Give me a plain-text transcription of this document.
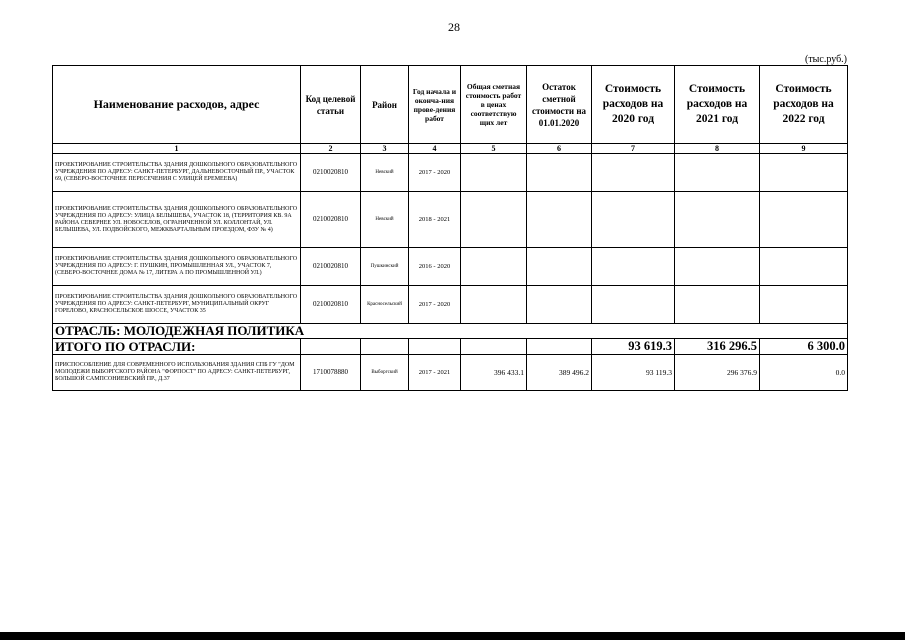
28
(тыс.руб.)
Наименование расходов, адрес	Код целевой статьи	Район	Год начала и оконча-ния прове-дения работ	Общая сметная стоимость работ в ценах соответствую щих лет	Остаток сметной стоимости на 01.01.2020	Стоимость расходов на 2020 год	Стоимость расходов на 2021 год	Стоимость расходов на 2022 год
1	2	3	4	5	6	7	8	9
ПРОЕКТИРОВАНИЕ СТРОИТЕЛЬСТВА ЗДАНИЯ ДОШКОЛЬНОГО ОБРАЗОВАТЕЛЬНОГО УЧРЕЖДЕНИЯ ПО АДРЕСУ: САНКТ-ПЕТЕРБУРГ, ДАЛЬНЕВОСТОЧНЫЙ ПР., УЧАСТОК 69, (СЕВЕРО-ВОСТОЧНЕЕ ПЕРЕСЕЧЕНИЯ С УЛИЦЕЙ ЕРЕМЕЕВА)	0210020810	Невский	2017 - 2020					
ПРОЕКТИРОВАНИЕ СТРОИТЕЛЬСТВА ЗДАНИЯ ДОШКОЛЬНОГО ОБРАЗОВАТЕЛЬНОГО УЧРЕЖДЕНИЯ ПО АДРЕСУ: УЛИЦА БЕЛЫШЕВА, УЧАСТОК 18, (ТЕРРИТОРИЯ КВ. 9А РАЙОНА СЕВЕРНЕЕ УЛ. НОВОСЕЛОВ, ОГРАНИЧЕННОЙ УЛ. КОЛЛОНТАЙ, УЛ. БЕЛЫШЕВА, УЛ. ПОДВОЙСКОГО, МЕЖКВАРТАЛЬНЫМ ПРОЕЗДОМ, ФЗУ № 4)	0210020810	Невский	2018 - 2021					
ПРОЕКТИРОВАНИЕ СТРОИТЕЛЬСТВА ЗДАНИЯ ДОШКОЛЬНОГО ОБРАЗОВАТЕЛЬНОГО УЧРЕЖДЕНИЯ ПО АДРЕСУ: Г. ПУШКИН, ПРОМЫШЛЕННАЯ УЛ., УЧАСТОК 7, (СЕВЕРО-ВОСТОЧНЕЕ ДОМА № 17, ЛИТЕРА А ПО ПРОМЫШЛЕННОЙ УЛ.)	0210020810	Пушкинский	2016 - 2020					
ПРОЕКТИРОВАНИЕ СТРОИТЕЛЬСТВА ЗДАНИЯ ДОШКОЛЬНОГО ОБРАЗОВАТЕЛЬНОГО УЧРЕЖДЕНИЯ ПО АДРЕСУ: САНКТ-ПЕТЕРБУРГ, МУНИЦИПАЛЬНЫЙ ОКРУГ ГОРЕЛОВО, КРАСНОСЕЛЬСКОЕ ШОССЕ, УЧАСТОК 35	0210020810	Красносельский	2017 - 2020					
ОТРАСЛЬ: МОЛОДЕЖНАЯ ПОЛИТИКА								
ИТОГО ПО ОТРАСЛИ:						93 619.3	316 296.5	6 300.0
ПРИСПОСОБЛЕНИЕ ДЛЯ СОВРЕМЕННОГО ИСПОЛЬЗОВАНИЯ ЗДАНИЯ СПБ ГУ "ДОМ МОЛОДЕЖИ ВЫБОРГСКОГО РАЙОНА "ФОРПОСТ" ПО АДРЕСУ: САНКТ-ПЕТЕРБУРГ, БОЛЬШОЙ САМПСОНИЕВСКИЙ ПР., Д.37	1710078880	Выборгский	2017 - 2021	396 433.1	389 496.2	93 119.3	296 376.9	0.0
